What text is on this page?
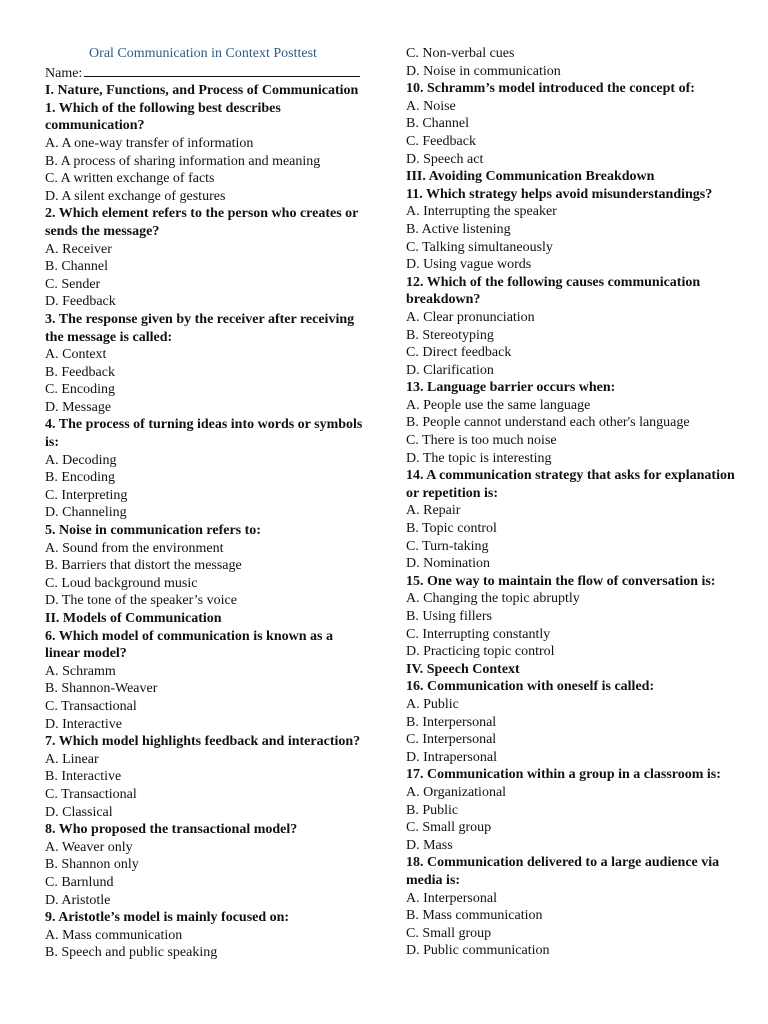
Oral Communication in Context Posttest
Name:
I. Nature, Functions, and Process of Communication
1. Which of the following best describes communication?
A. A one-way transfer of information
B. A process of sharing information and meaning
C. A written exchange of facts
D. A silent exchange of gestures
2. Which element refers to the person who creates or sends the message?
A. Receiver
B. Channel
C. Sender
D. Feedback
3. The response given by the receiver after receiving the message is called:
A. Context
B. Feedback
C. Encoding
D. Message
4. The process of turning ideas into words or symbols is:
A. Decoding
B. Encoding
C. Interpreting
D. Channeling
5. Noise in communication refers to:
A. Sound from the environment
B. Barriers that distort the message
C. Loud background music
D. The tone of the speaker’s voice
II. Models of Communication
6. Which model of communication is known as a linear model?
A. Schramm
B. Shannon-Weaver
C. Transactional
D. Interactive
7. Which model highlights feedback and interaction?
A. Linear
B. Interactive
C. Transactional
D. Classical
8. Who proposed the transactional model?
A. Weaver only
B. Shannon only
C. Barnlund
D. Aristotle
9. Aristotle’s model is mainly focused on:
A. Mass communication
B. Speech and public speaking
C. Non-verbal cues
D. Noise in communication
10. Schramm’s model introduced the concept of:
A. Noise
B. Channel
C. Feedback
D. Speech act
III. Avoiding Communication Breakdown
11. Which strategy helps avoid misunderstandings?
A. Interrupting the speaker
B. Active listening
C. Talking simultaneously
D. Using vague words
12. Which of the following causes communication breakdown?
A. Clear pronunciation
B. Stereotyping
C. Direct feedback
D. Clarification
13. Language barrier occurs when:
A. People use the same language
B. People cannot understand each other's language
C. There is too much noise
D. The topic is interesting
14. A communication strategy that asks for explanation or repetition is:
A. Repair
B. Topic control
C. Turn-taking
D. Nomination
15. One way to maintain the flow of conversation is:
A. Changing the topic abruptly
B. Using fillers
C. Interrupting constantly
D. Practicing topic control
IV. Speech Context
16. Communication with oneself is called:
A. Public
B. Interpersonal
C. Interpersonal
D. Intrapersonal
17. Communication within a group in a classroom is:
A. Organizational
B. Public
C. Small group
D. Mass
18. Communication delivered to a large audience via media is:
A. Interpersonal
B. Mass communication
C. Small group
D. Public communication
